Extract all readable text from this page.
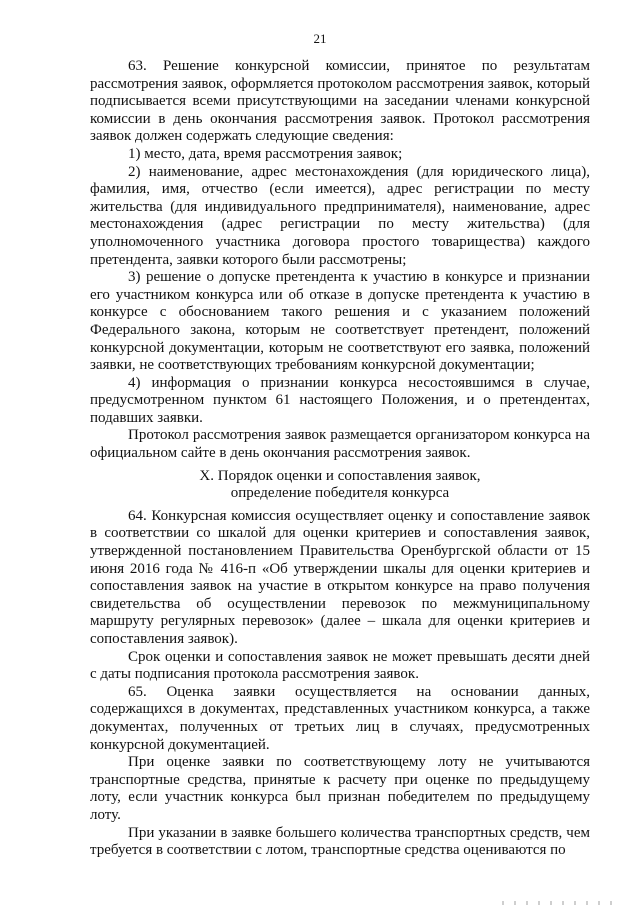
21

63. Решение конкурсной комиссии, принятое по результатам рассмотрения заявок, оформляется протоколом рассмотрения заявок, который подписывается всеми присутствующими на заседании членами конкурсной комиссии в день окончания рассмотрения заявок. Протокол рассмотрения заявок должен содержать следующие сведения:

1) место, дата, время рассмотрения заявок;

2) наименование, адрес местонахождения (для юридического лица), фамилия, имя, отчество (если имеется), адрес регистрации по месту жительства (для индивидуального предпринимателя), наименование, адрес местонахождения (адрес регистрации по месту жительства) (для уполномоченного участника договора простого товарищества) каждого претендента, заявки которого были рассмотрены;

3) решение о допуске претендента к участию в конкурсе и признании его участником конкурса или об отказе в допуске претендента к участию в конкурсе с обоснованием такого решения и с указанием положений Федерального закона, которым не соответствует претендент, положений конкурсной документации, которым не соответствуют его заявка, положений заявки, не соответствующих требованиям конкурсной документации;

4) информация о признании конкурса несостоявшимся в случае, предусмотренном пунктом 61 настоящего Положения, и о претендентах, подавших заявки.

Протокол рассмотрения заявок размещается организатором конкурса на официальном сайте в день окончания рассмотрения заявок.

X. Порядок оценки и сопоставления заявок,
определение победителя конкурса

64. Конкурсная комиссия осуществляет оценку и сопоставление заявок в соответствии со шкалой для оценки критериев и сопоставления заявок, утвержденной постановлением Правительства Оренбургской области от 15 июня 2016 года № 416-п «Об утверждении шкалы для оценки критериев и сопоставления заявок на участие в открытом конкурсе на право получения свидетельства об осуществлении перевозок по межмуниципальному маршруту регулярных перевозок» (далее – шкала для оценки критериев и сопоставления заявок).

Срок оценки и сопоставления заявок не может превышать десяти дней с даты подписания протокола рассмотрения заявок.

65. Оценка заявки осуществляется на основании данных, содержащихся в документах, представленных участником конкурса, а также документах, полученных от третьих лиц в случаях, предусмотренных конкурсной документацией.

При оценке заявки по соответствующему лоту не учитываются транспортные средства, принятые к расчету при оценке по предыдущему лоту, если участник конкурса был признан победителем по предыдущему лоту.

При указании в заявке большего количества транспортных средств, чем требуется в соответствии с лотом, транспортные средства оцениваются по
